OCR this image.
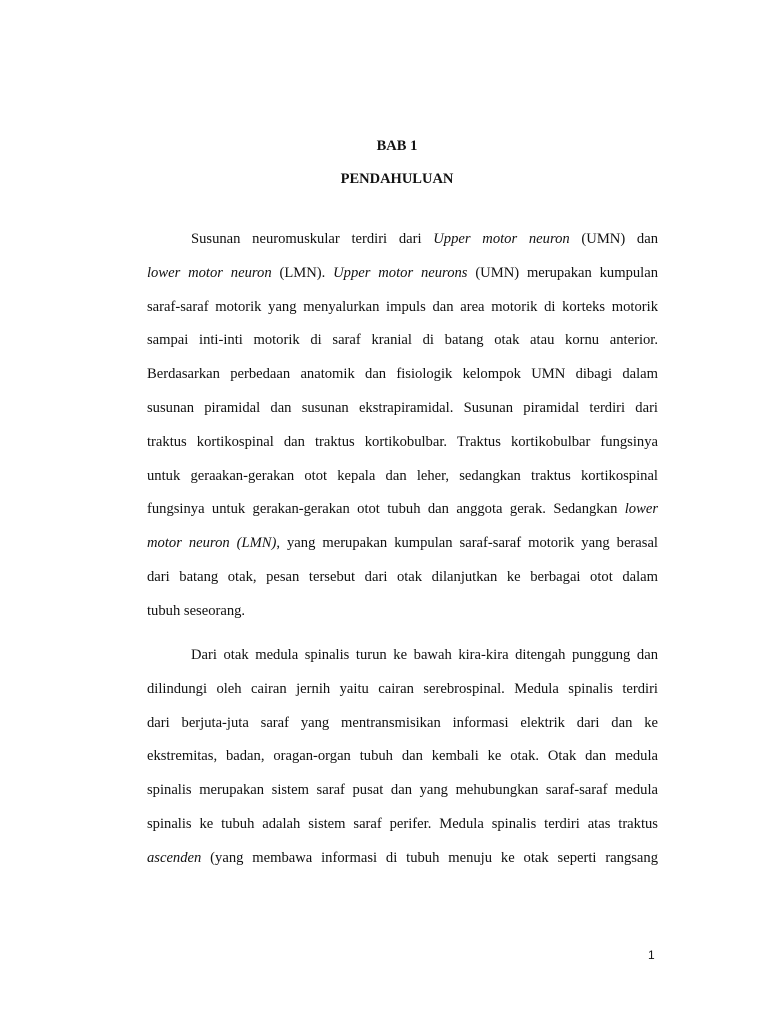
BAB 1
PENDAHULUAN

Susunan neuromuskular terdiri dari Upper motor neuron (UMN) dan
lower motor neuron (LMN). Upper motor neurons (UMN) merupakan kumpulan
saraf-saraf motorik yang menyalurkan impuls dan area motorik di korteks motorik
sampai inti-inti motorik di saraf kranial di batang otak atau kornu anterior.
Berdasarkan perbedaan anatomik dan fisiologik kelompok UMN dibagi dalam
susunan piramidal dan susunan ekstrapiramidal. Susunan piramidal terdiri dari
traktus kortikospinal dan traktus kortikobulbar. Traktus kortikobulbar fungsinya
untuk geraakan-gerakan otot kepala dan leher, sedangkan traktus kortikospinal
fungsinya untuk gerakan-gerakan otot tubuh dan anggota gerak. Sedangkan lower
motor neuron (LMN), yang merupakan kumpulan saraf-saraf motorik yang berasal
dari batang otak, pesan tersebut dari otak dilanjutkan ke berbagai otot dalam
tubuh seseorang.

Dari otak medula spinalis turun ke bawah kira-kira ditengah punggung dan
dilindungi oleh cairan jernih yaitu cairan serebrospinal. Medula spinalis terdiri
dari berjuta-juta saraf yang mentransmisikan informasi elektrik dari dan ke
ekstremitas, badan, oragan-organ tubuh dan kembali ke otak. Otak dan medula
spinalis merupakan sistem saraf pusat dan yang mehubungkan saraf-saraf medula
spinalis ke tubuh adalah sistem saraf perifer. Medula spinalis terdiri atas traktus
ascenden (yang membawa informasi di tubuh menuju ke otak seperti rangsang

1
